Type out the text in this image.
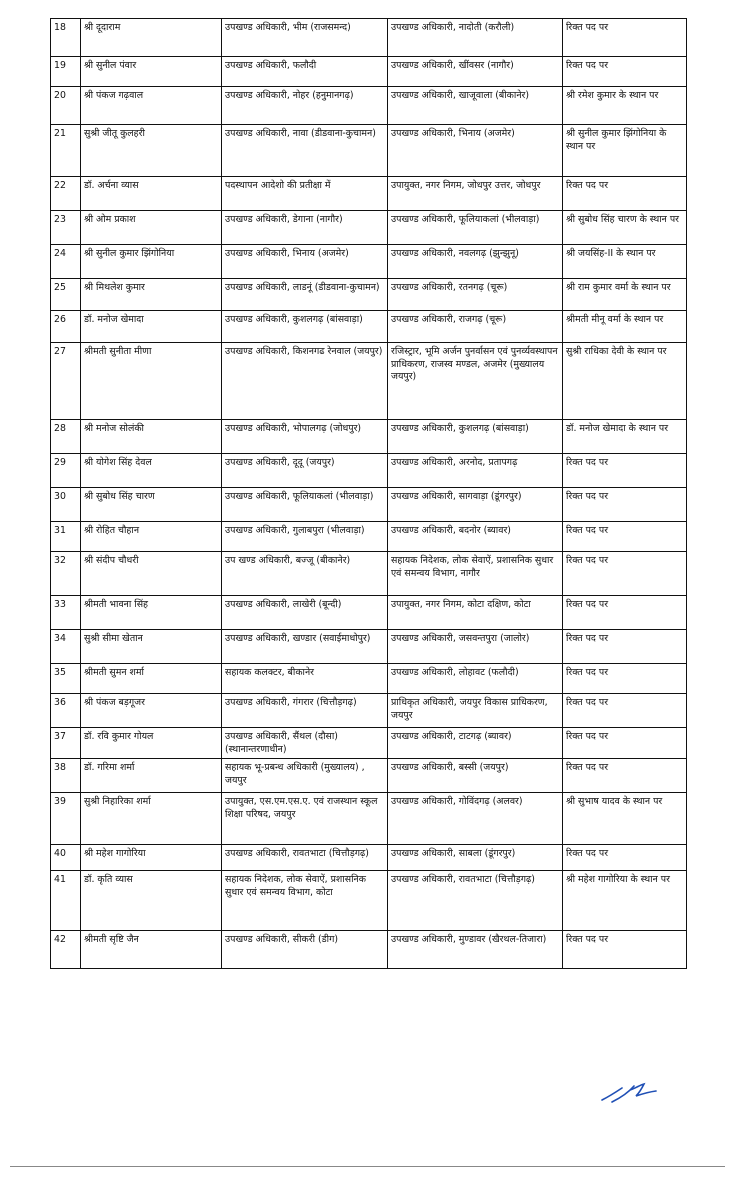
18	श्री दूदाराम	उपखण्ड अधिकारी, भीम (राजसमन्द)	उपखण्ड अधिकारी, नादोती (करौली)	रिक्त पद पर
19	श्री सुनील पंवार	उपखण्ड अधिकारी, फलौदी	उपखण्ड अधिकारी, खींवसर (नागौर)	रिक्त पद पर
20	श्री पंकज गढ़वाल	उपखण्ड अधिकारी, नोहर (हनुमानगढ़)	उपखण्ड अधिकारी, खाजूवाला (बीकानेर)	श्री रमेश कुमार के स्थान पर
21	सुश्री जीतू कुलहरी	उपखण्ड अधिकारी, नावा (डीडवाना-कुचामन)	उपखण्ड अधिकारी, भिनाय (अजमेर)	श्री सुनील कुमार झिंगोनिया के स्थान पर
22	डॉ. अर्चना व्यास	पदस्थापन आदेशो की प्रतीक्षा में	उपायुक्त, नगर निगम, जोधपुर उत्तर, जोधपुर	रिक्त पद पर
23	श्री ओम प्रकाश	उपखण्ड अधिकारी, डेगाना (नागौर)	उपखण्ड अधिकारी, फूलियाकलां (भीलवाड़ा)	श्री सुबोध सिंह चारण के स्थान पर
24	श्री सुनील कुमार झिंगोनिया	उपखण्ड अधिकारी, भिनाय (अजमेर)	उपखण्ड अधिकारी, नवलगढ़ (झुन्झुनू)	श्री जयसिंह-II के स्थान पर
25	श्री मिथलेश कुमार	उपखण्ड अधिकारी, लाडनूं (डीडवाना-कुचामन)	उपखण्ड अधिकारी, रतनगढ़ (चूरू)	श्री राम कुमार वर्मा के स्थान पर
26	डॉ. मनोज खेमादा	उपखण्ड अधिकारी, कुशलगढ़ (बांसवाड़ा)	उपखण्ड अधिकारी, राजगढ़ (चूरू)	श्रीमती मीनू वर्मा के स्थान पर
27	श्रीमती सुनीता मीणा	उपखण्ड अधिकारी, किशनगढ रेनवाल (जयपुर)	रजिस्ट्रार, भूमि अर्जन पुनर्वासन एवं पुनर्व्यवस्थापन प्राधिकरण, राजस्व मण्डल, अजमेर (मुख्यालय जयपुर)	सुश्री राधिका देवी के स्थान पर
28	श्री मनोज सोलंकी	उपखण्ड अधिकारी, भोपालगढ़ (जोधपुर)	उपखण्ड अधिकारी, कुशलगढ़ (बांसवाड़ा)	डॉ. मनोज खेमादा के स्थान पर
29	श्री योगेश सिंह देवल	उपखण्ड अधिकारी, दूदू (जयपुर)	उपखण्ड अधिकारी, अरनोद, प्रतापगढ़	रिक्त पद पर
30	श्री सुबोध सिंह चारण	उपखण्ड अधिकारी, फूलियाकलां (भीलवाड़ा)	उपखण्ड अधिकारी, सागवाड़ा (डूंगरपुर)	रिक्त पद पर
31	श्री रोहित चौहान	उपखण्ड अधिकारी, गुलाबपुरा (भीलवाड़ा)	उपखण्ड अधिकारी, बदनोर (ब्यावर)	रिक्त पद पर
32	श्री संदीप चौधरी	उप खण्ड अधिकारी, बज्जू (बीकानेर)	सहायक निदेशक, लोक सेवाऐं, प्रशासनिक सुधार एवं समन्वय विभाग, नागौर	रिक्त पद पर
33	श्रीमती भावना सिंह	उपखण्ड अधिकारी, लाखेरी (बून्दी)	उपायुक्त, नगर निगम, कोटा दक्षिण, कोटा	रिक्त पद पर
34	सुश्री सीमा खेतान	उपखण्ड अधिकारी, खण्डार (सवाईमाधोपुर)	उपखण्ड अधिकारी, जसवन्तपुरा (जालोर)	रिक्त पद पर
35	श्रीमती सुमन शर्मा	सहायक कलक्टर, बीकानेर	उपखण्ड अधिकारी, लोहावट (फलौदी)	रिक्त पद पर
36	श्री पंकज बड़गूजर	उपखण्ड अधिकारी, गंगरार (चित्तौड़गढ़)	प्राधिकृत अधिकारी, जयपुर विकास प्राधिकरण, जयपुर	रिक्त पद पर
37	डॉ. रवि कुमार गोयल	उपखण्ड अधिकारी, सैंथल (दौसा) (स्थानान्तरणाधीन)	उपखण्ड अधिकारी, टाटगढ़ (ब्यावर)	रिक्त पद पर
38	डॉ. गरिमा शर्मा	सहायक भू-प्रबन्ध अधिकारी (मुख्यालय) , जयपुर	उपखण्ड अधिकारी, बस्सी (जयपुर)	रिक्त पद पर
39	सुश्री निहारिका शर्मा	उपायुक्त, एस.एम.एस.ए. एवं राजस्थान स्कूल शिक्षा परिषद, जयपुर	उपखण्ड अधिकारी, गोविंदगढ़ (अलवर)	श्री सुभाष यादव के स्थान पर
40	श्री महेश गागोरिया	उपखण्ड अधिकारी, रावतभाटा (चित्तौड़गढ़)	उपखण्ड अधिकारी, साबला (डूंगरपुर)	रिक्त पद पर
41	डॉ. कृति व्यास	सहायक निदेशक, लोक सेवाऐं, प्रशासनिक सुधार एवं समन्वय विभाग, कोटा	उपखण्ड अधिकारी, रावतभाटा (चित्तौड़गढ़)	श्री महेश गागोरिया के स्थान पर
42	श्रीमती सृष्टि जैन	उपखण्ड अधिकारी, सीकरी (डीग)	उपखण्ड अधिकारी, मुण्डावर (खैरथल-तिजारा)	रिक्त पद पर
